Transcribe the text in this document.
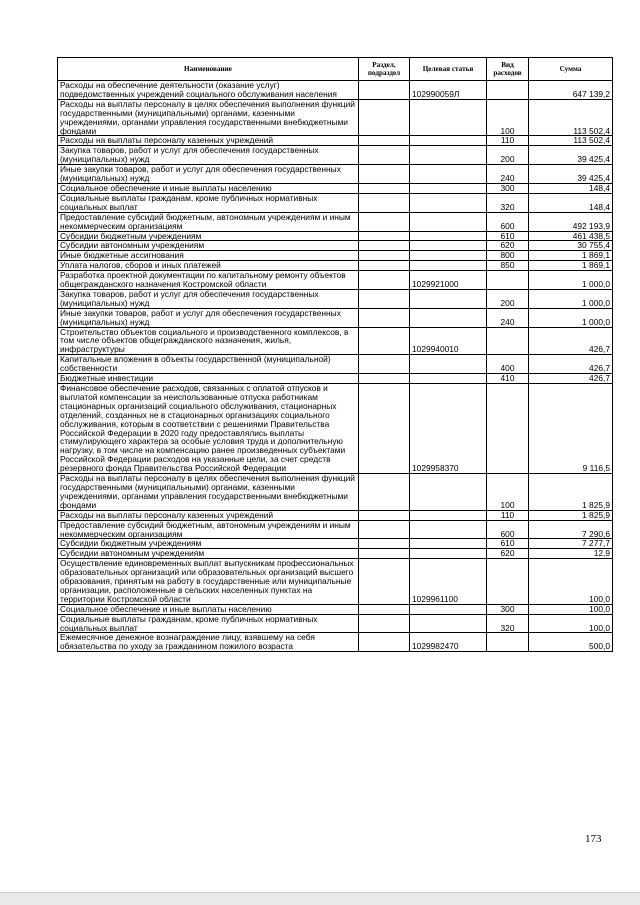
Наименование	Раздел, подраздел	Целевая статья	Вид расходов	Сумма
Расходы на обеспечение деятельности (оказание услуг) подведомственных учреждений социального обслуживания населения		102990059Л		647 139,2
Расходы на выплаты персоналу в целях обеспечения выполнения функций государственными (муниципальными) органами, казенными учреждениями, органами управления государственными внебюджетными фондами			100	113 502,4
Расходы на выплаты персоналу казенных учреждений			110	113 502,4
Закупка товаров, работ и услуг для обеспечения государственных (муниципальных) нужд			200	39 425,4
Иные закупки товаров, работ и услуг для обеспечения государственных (муниципальных) нужд			240	39 425,4
Социальное обеспечение и иные выплаты населению			300	148,4
Социальные выплаты гражданам, кроме публичных нормативных социальных выплат			320	148,4
Предоставление субсидий бюджетным, автономным учреждениям и иным некоммерческим организациям			600	492 193,9
Субсидии бюджетным учреждениям			610	461 438,5
Субсидии автономным учреждениям			620	30 755,4
Иные бюджетные ассигнования			800	1 869,1
Уплата налогов, сборов и иных платежей			850	1 869,1
Разработка проектной документации по капитальному ремонту объектов общегражданского назначения Костромской области		1029921000		1 000,0
Закупка товаров, работ и услуг для обеспечения государственных (муниципальных) нужд			200	1 000,0
Иные закупки товаров, работ и услуг для обеспечения государственных (муниципальных) нужд			240	1 000,0
Строительство объектов социального и производственного комплексов, в том числе объектов общегражданского назначения, жилья, инфраструктуры		1029940010		426,7
Капитальные вложения в объекты государственной (муниципальной) собственности			400	426,7
Бюджетные инвестиции			410	426,7
Финансовое обеспечение расходов, связанных с оплатой отпусков и выплатой компенсации за неиспользованные отпуска работникам стационарных организаций социального обслуживания, стационарных отделений, созданных не в стационарных организациях социального обслуживания, которым в соответствии с решениями Правительства Российской Федерации в 2020 году предоставлялись выплаты стимулирующего характера за особые условия труда и дополнительную нагрузку, в том числе на компенсацию ранее произведенных субъектами Российской Федерации расходов на указанные цели, за счет средств резервного фонда Правительства Российской Федерации		1029958370		9 116,5
Расходы на выплаты персоналу в целях обеспечения выполнения функций государственными (муниципальными) органами, казенными учреждениями, органами управления государственными внебюджетными фондами			100	1 825,9
Расходы на выплаты персоналу казенных учреждений			110	1 825,9
Предоставление субсидий бюджетным, автономным учреждениям и иным некоммерческим организациям			600	7 290,6
Субсидии бюджетным учреждениям			610	7 277,7
Субсидии автономным учреждениям			620	12,9
Осуществление единовременных выплат выпускникам профессиональных образовательных организаций или образовательных организаций высшего образования, принятым на работу в государственные или муниципальные организации, расположенные в сельских населенных пунктах на территории Костромской области		1029961100		100,0
Социальное обеспечение и иные выплаты населению			300	100,0
Социальные выплаты гражданам, кроме публичных нормативных социальных выплат			320	100,0
Ежемесячное денежное вознаграждение лицу, взявшему на себя обязательства по уходу за гражданином пожилого возраста		1029982470		500,0
173
